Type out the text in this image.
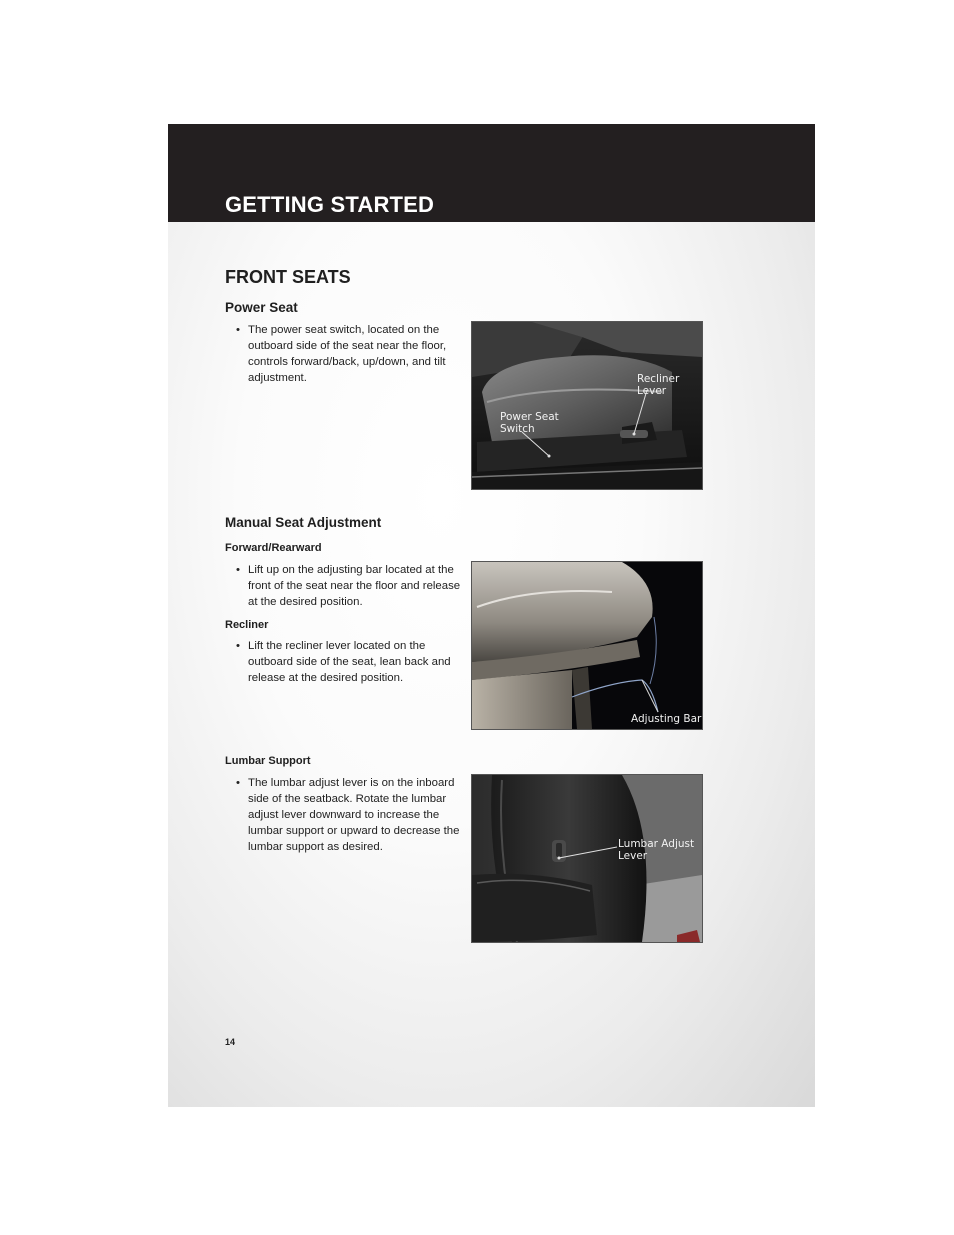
GETTING STARTED
FRONT SEATS
Power Seat

• The power seat switch, located on the outboard side of the seat near the floor, controls forward/back, up/down, and tilt adjustment.	Recliner
Lever
Power Seat
Switch
Manual Seat Adjustment
Forward/Rearward

• Lift up on the adjusting bar located at the front of the seat near the floor and release at the desired position.

Recliner

• Lift the recliner lever located on the outboard side of the seat, lean back and release at the desired position.

Adjusting Bar
Lumbar Support

• The lumbar adjust lever is on the inboard side of the seatback. Rotate the lumbar adjust lever downward to increase the lumbar support or upward to decrease the lumbar support as desired.	Lumbar Adjust
Lever

14
